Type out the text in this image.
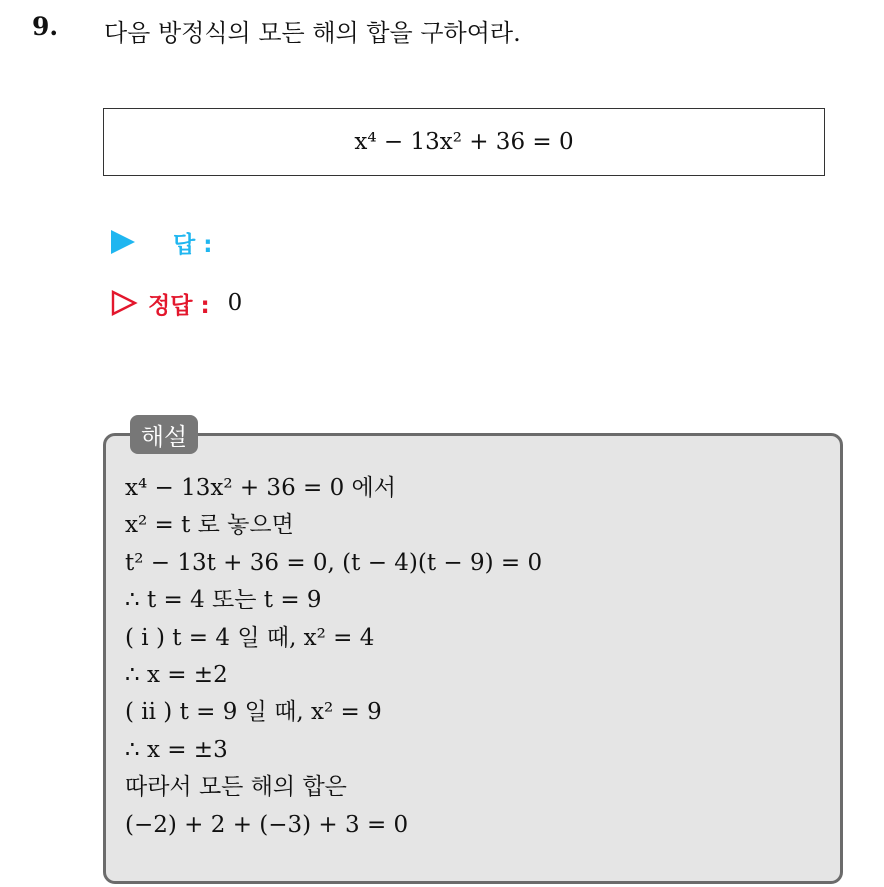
9. 다음 방정식의 모든 해의 합을 구하여라.
x⁴ − 13x² + 36 = 0
답 :
정답 : 0
해설
x⁴ − 13x² + 36 = 0 에서
x² = t 로 놓으면
t² − 13t + 36 = 0, (t − 4)(t − 9) = 0
∴ t = 4 또는 t = 9
( i ) t = 4 일 때, x² = 4
∴ x = ±2
( ii ) t = 9 일 때, x² = 9
∴ x = ±3
따라서 모든 해의 합은
(−2) + 2 + (−3) + 3 = 0
